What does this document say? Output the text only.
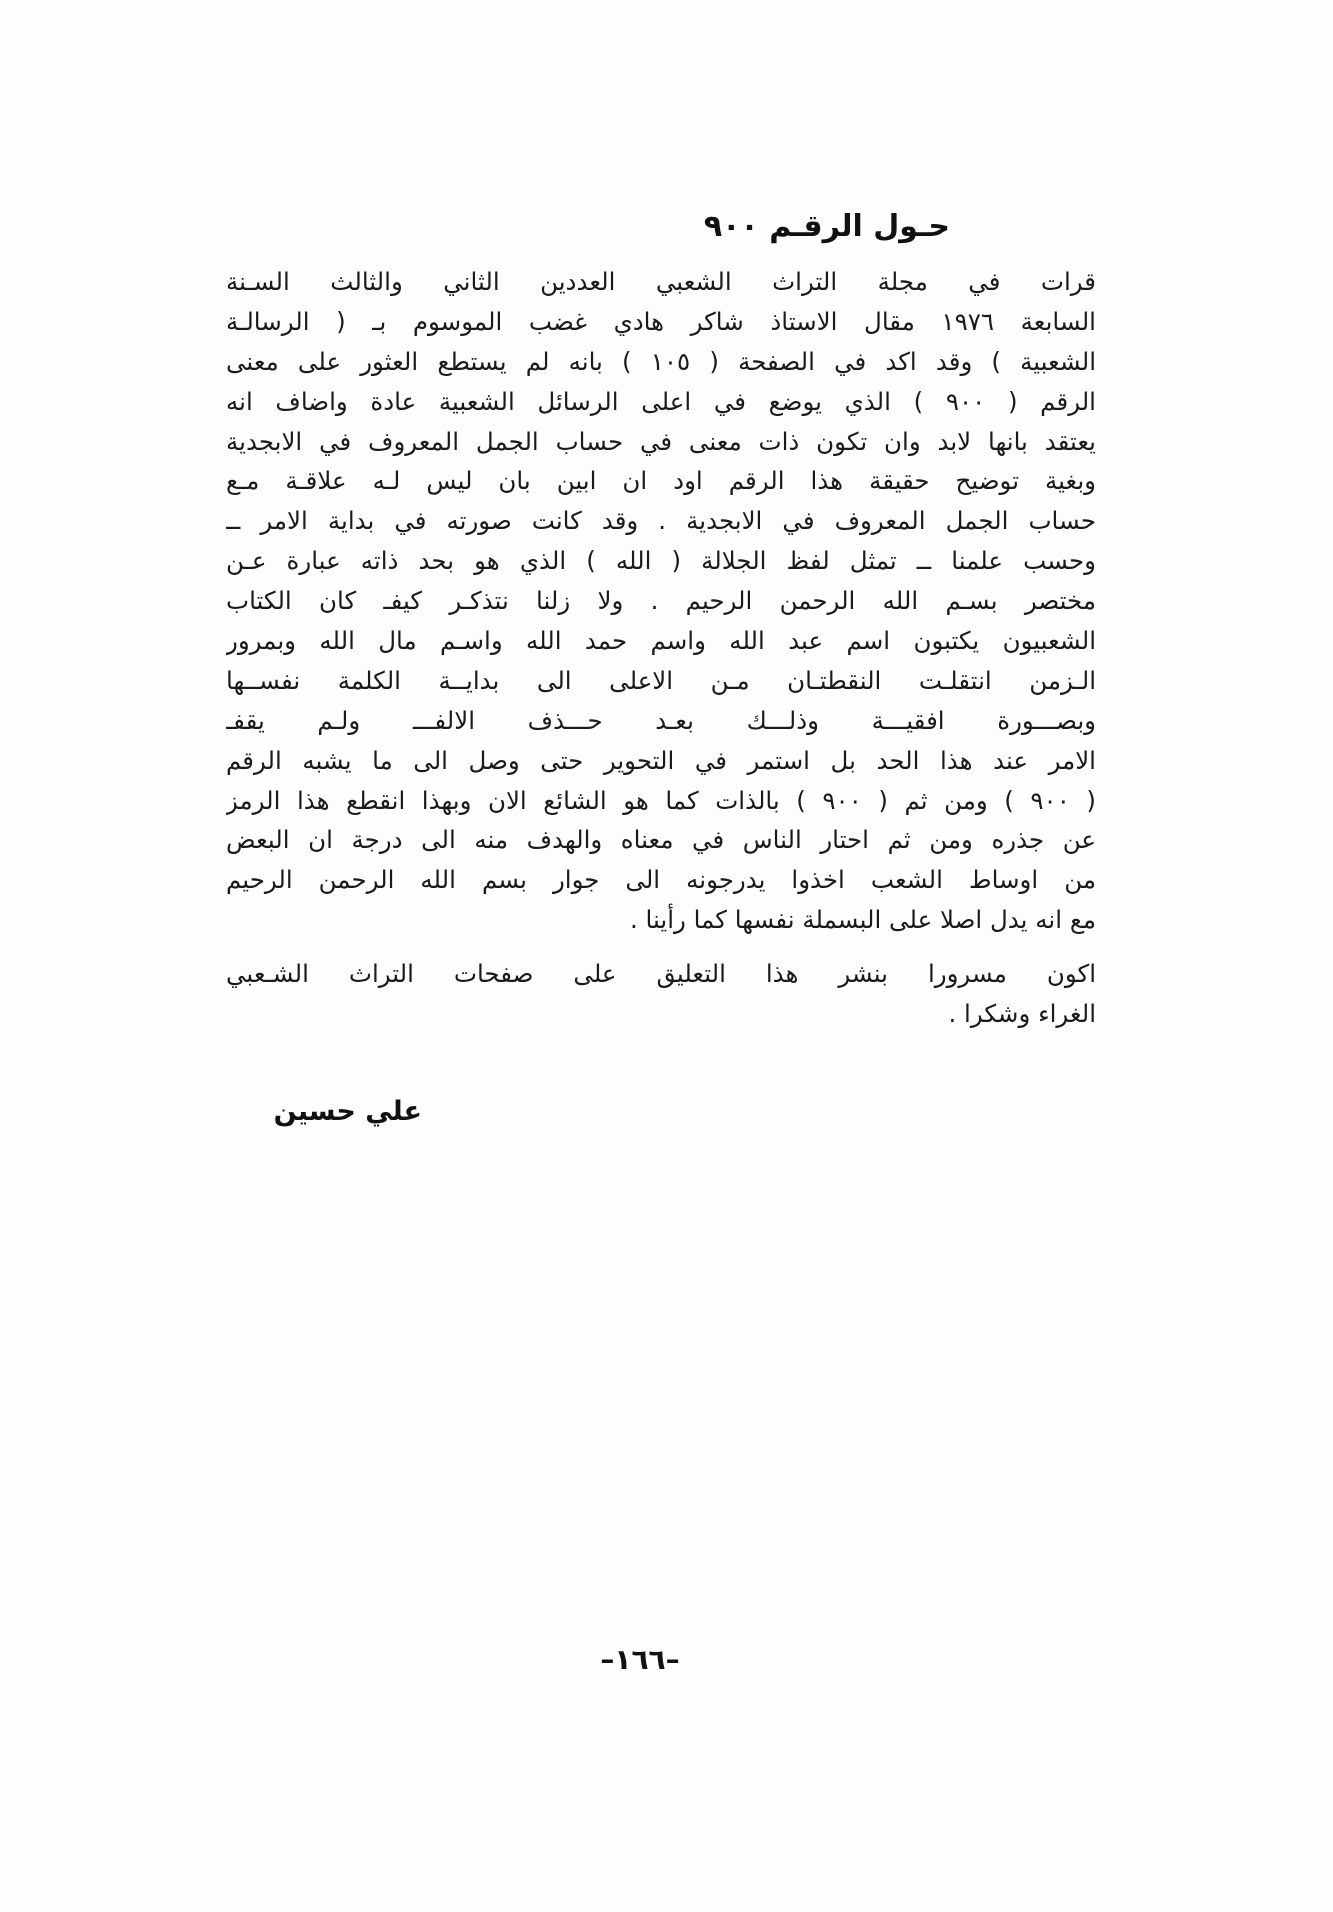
حـول الرقـم ٩٠٠
قرات في مجلة التراث الشعبي العددين الثاني والثالث السـنة
السابعة ١٩٧٦ مقال الاستاذ شاكر هادي غضب الموسوم بـ ( الرسالـة
الشعبية ) وقد اكد في الصفحة ( ١٠٥ ) بانه لم يستطع العثور على معنى
الرقم ( ٩٠٠ ) الذي يوضع في اعلى الرسائل الشعبية عادة واضاف انه
يعتقد بانها لابد وان تكون ذات معنى في حساب الجمل المعروف في الابجدية
وبغية توضيح حقيقة هذا الرقم اود ان ابين بان ليس لـه علاقـة مـع
حساب الجمل المعروف في الابجدية . وقد كانت صورته في بداية الامر ــ
وحسب علمنا ــ تمثل لفظ الجلالة ( الله ) الذي هو بحد ذاته عبارة عـن
مختصر بسـم الله الرحمن الرحيم . ولا زلنا نتذكـر كيفـ كان الكتاب
الشعبيون يكتبون اسم عبد الله واسم حمد الله واسـم مال الله وبمرور
الـزمن انتقلـت النقطتـان مـن الاعلى الى بدايــة الكلمة نفســها
وبصـــورة افقيـــة وذلـــك بعـد حـــذف الالفـــ ولـم يقفـ
الامر عند هذا الحد بل استمر في التحوير حتى وصل الى ما يشبه الرقم
( ٩٠٠ ) ومن ثم ( ٩٠٠ ) بالذات كما هو الشائع الان وبهذا انقطع هذا الرمز
عن جذره ومن ثم احتار الناس في معناه والهدف منه الى درجة ان البعض
من اوساط الشعب اخذوا يدرجونه الى جوار بسم الله الرحمن الرحيم
مع انه يدل اصلا على البسملة نفسها كما رأينا .
اكون مسرورا بنشر هذا التعليق على صفحات التراث الشـعبي
الغراء وشكرا .
علي حسين
–١٦٦–
